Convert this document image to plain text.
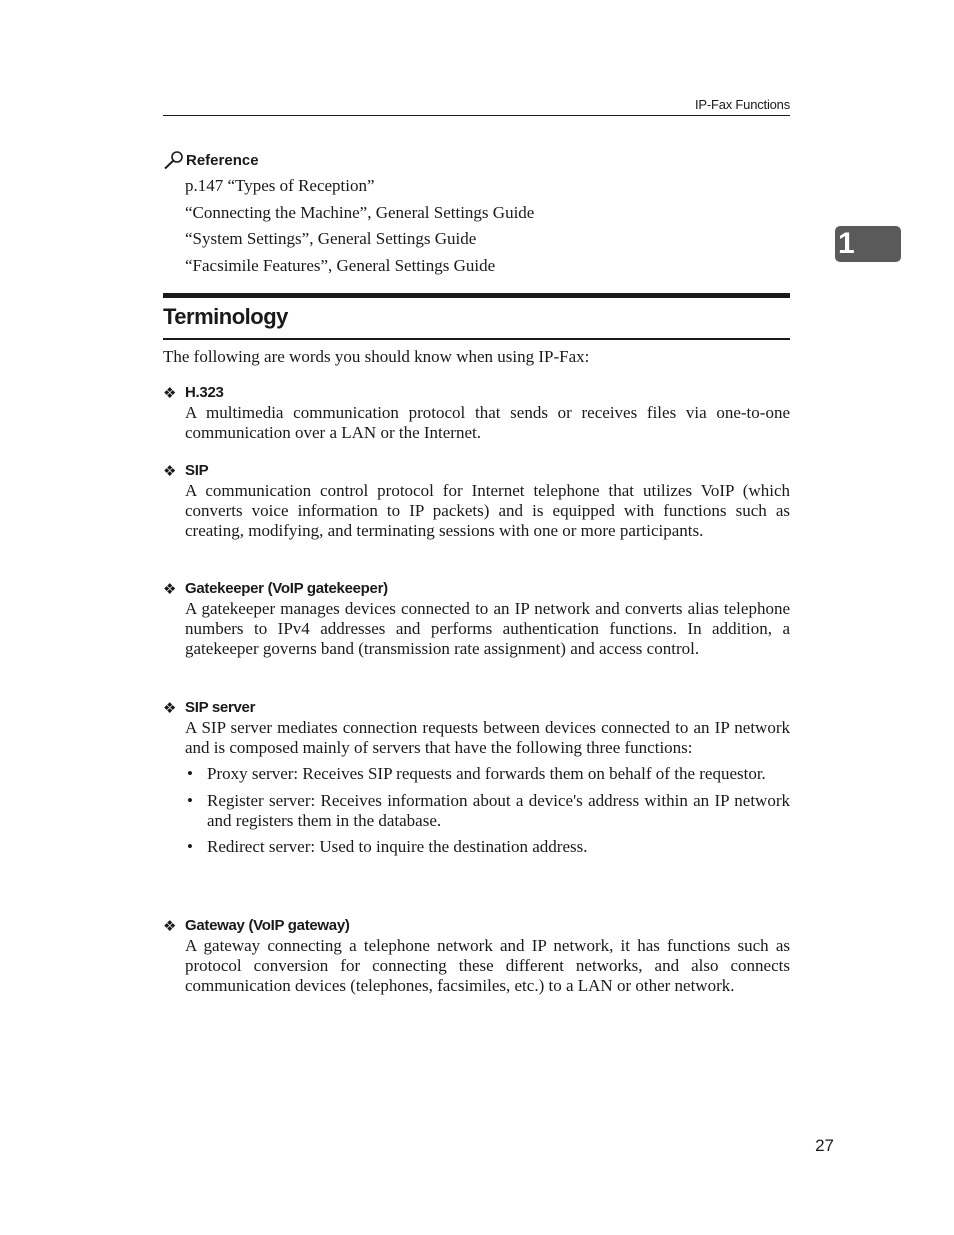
IP-Fax Functions
1
Reference
p.147 “Types of Reception”
“Connecting the Machine”, General Settings Guide
“System Settings”, General Settings Guide
“Facsimile Features”, General Settings Guide
Terminology
The following are words you should know when using IP-Fax:
❖ H.323
A multimedia communication protocol that sends or receives files via one-to-one communication over a LAN or the Internet.
❖ SIP
A communication control protocol for Internet telephone that utilizes VoIP (which converts voice information to IP packets) and is equipped with functions such as creating, modifying, and terminating sessions with one or more participants.
❖ Gatekeeper (VoIP gatekeeper)
A gatekeeper manages devices connected to an IP network and converts alias telephone numbers to IPv4 addresses and performs authentication functions. In addition, a gatekeeper governs band (transmission rate assignment) and access control.
❖ SIP server
A SIP server mediates connection requests between devices connected to an IP network and is composed mainly of servers that have the following three functions:
• Proxy server: Receives SIP requests and forwards them on behalf of the requestor.
• Register server: Receives information about a device's address within an IP network and registers them in the database.
• Redirect server: Used to inquire the destination address.
❖ Gateway (VoIP gateway)
A gateway connecting a telephone network and IP network, it has functions such as protocol conversion for connecting these different networks, and also connects communication devices (telephones, facsimiles, etc.) to a LAN or other network.
27
